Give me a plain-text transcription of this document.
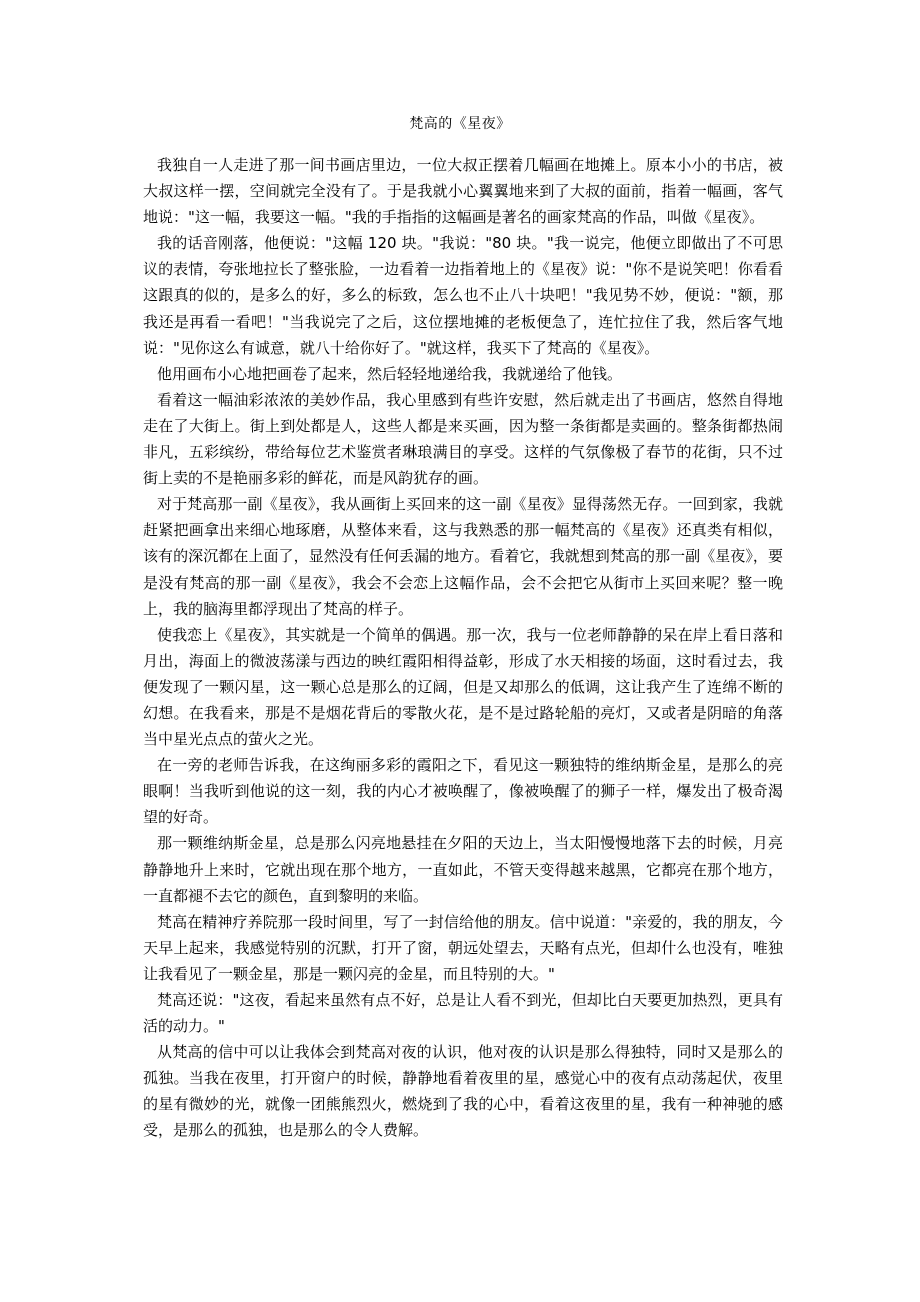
梵高的《星夜》

我独自一人走进了那一间书画店里边，一位大叔正摆着几幅画在地摊上。原本小小的书店，被大叔这样一摆，空间就完全没有了。于是我就小心翼翼地来到了大叔的面前，指着一幅画，客气地说："这一幅，我要这一幅。"我的手指指的这幅画是著名的画家梵高的作品，叫做《星夜》。

我的话音刚落，他便说："这幅 120 块。"我说："80 块。"我一说完，他便立即做出了不可思议的表情，夸张地拉长了整张脸，一边看着一边指着地上的《星夜》说："你不是说笑吧！你看看这跟真的似的，是多么的好，多么的标致，怎么也不止八十块吧！"我见势不妙，便说："额，那我还是再看一看吧！"当我说完了之后，这位摆地摊的老板便急了，连忙拉住了我，然后客气地说："见你这么有诚意，就八十给你好了。"就这样，我买下了梵高的《星夜》。

他用画布小心地把画卷了起来，然后轻轻地递给我，我就递给了他钱。

看着这一幅油彩浓浓的美妙作品，我心里感到有些许安慰，然后就走出了书画店，悠然自得地走在了大街上。街上到处都是人，这些人都是来买画，因为整一条街都是卖画的。整条街都热闹非凡，五彩缤纷，带给每位艺术鉴赏者琳琅满目的享受。这样的气氛像极了春节的花街，只不过街上卖的不是艳丽多彩的鲜花，而是风韵犹存的画。

对于梵高那一副《星夜》，我从画街上买回来的这一副《星夜》显得荡然无存。一回到家，我就赶紧把画拿出来细心地琢磨，从整体来看，这与我熟悉的那一幅梵高的《星夜》还真类有相似，该有的深沉都在上面了，显然没有任何丢漏的地方。看着它，我就想到梵高的那一副《星夜》，要是没有梵高的那一副《星夜》，我会不会恋上这幅作品，会不会把它从街市上买回来呢？整一晚上，我的脑海里都浮现出了梵高的样子。

使我恋上《星夜》，其实就是一个简单的偶遇。那一次，我与一位老师静静的呆在岸上看日落和月出，海面上的微波荡漾与西边的映红霞阳相得益彰，形成了水天相接的场面，这时看过去，我便发现了一颗闪星，这一颗心总是那么的辽阔，但是又却那么的低调，这让我产生了连绵不断的幻想。在我看来，那是不是烟花背后的零散火花，是不是过路轮船的亮灯，又或者是阴暗的角落当中星光点点的萤火之光。

在一旁的老师告诉我，在这绚丽多彩的霞阳之下，看见这一颗独特的维纳斯金星，是那么的亮眼啊！当我听到他说的这一刻，我的内心才被唤醒了，像被唤醒了的狮子一样，爆发出了极奇渴望的好奇。

那一颗维纳斯金星，总是那么闪亮地悬挂在夕阳的天边上，当太阳慢慢地落下去的时候，月亮静静地升上来时，它就出现在那个地方，一直如此，不管天变得越来越黑，它都亮在那个地方，一直都褪不去它的颜色，直到黎明的来临。

梵高在精神疗养院那一段时间里，写了一封信给他的朋友。信中说道："亲爱的，我的朋友，今天早上起来，我感觉特别的沉默，打开了窗，朝远处望去，天略有点光，但却什么也没有，唯独让我看见了一颗金星，那是一颗闪亮的金星，而且特别的大。"

梵高还说："这夜，看起来虽然有点不好，总是让人看不到光，但却比白天要更加热烈，更具有活的动力。"

从梵高的信中可以让我体会到梵高对夜的认识，他对夜的认识是那么得独特，同时又是那么的孤独。当我在夜里，打开窗户的时候，静静地看着夜里的星，感觉心中的夜有点动荡起伏，夜里的星有微妙的光，就像一团熊熊烈火，燃烧到了我的心中，看着这夜里的星，我有一种神驰的感受，是那么的孤独，也是那么的令人费解。
